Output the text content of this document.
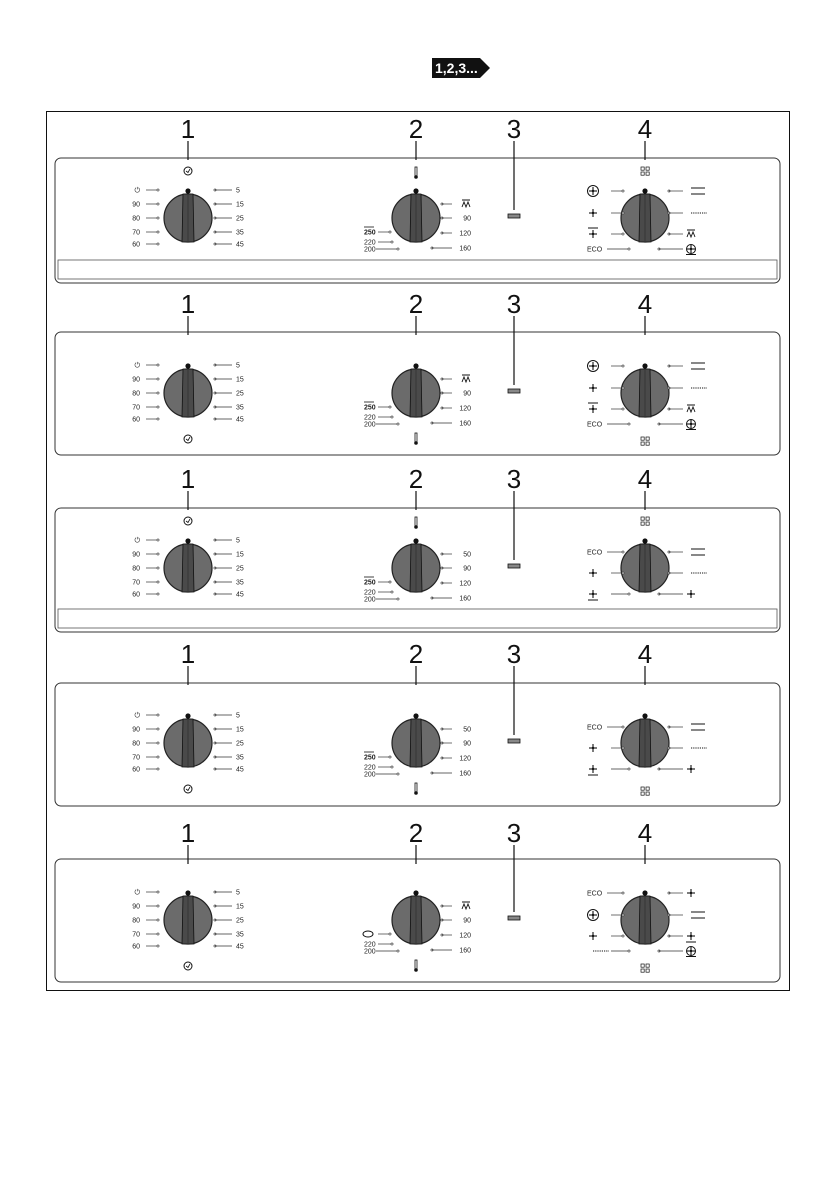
1,2,3...
1	2	3	4
⏻
90
80
70
60
5
15
25
35
45
250
220
200
90
120
160	ECO
1	2	3	4
⏻
90
80
70
60
5
15
25
35
45
250
220
200
90
120
160	ECO
1	2	3	4
⏻
90
80
70
60
5
15
25
35
45
250
220
200
50
90
120
160
ECO
1	2	3	4
⏻
90
80
70
60
5
15
25
35
45
250
220
200
50
90
120
160
ECO
1	2	3	4
⏻
90
80
70
60
5
15
25
35
45	220
200
90
120
160
ECO
